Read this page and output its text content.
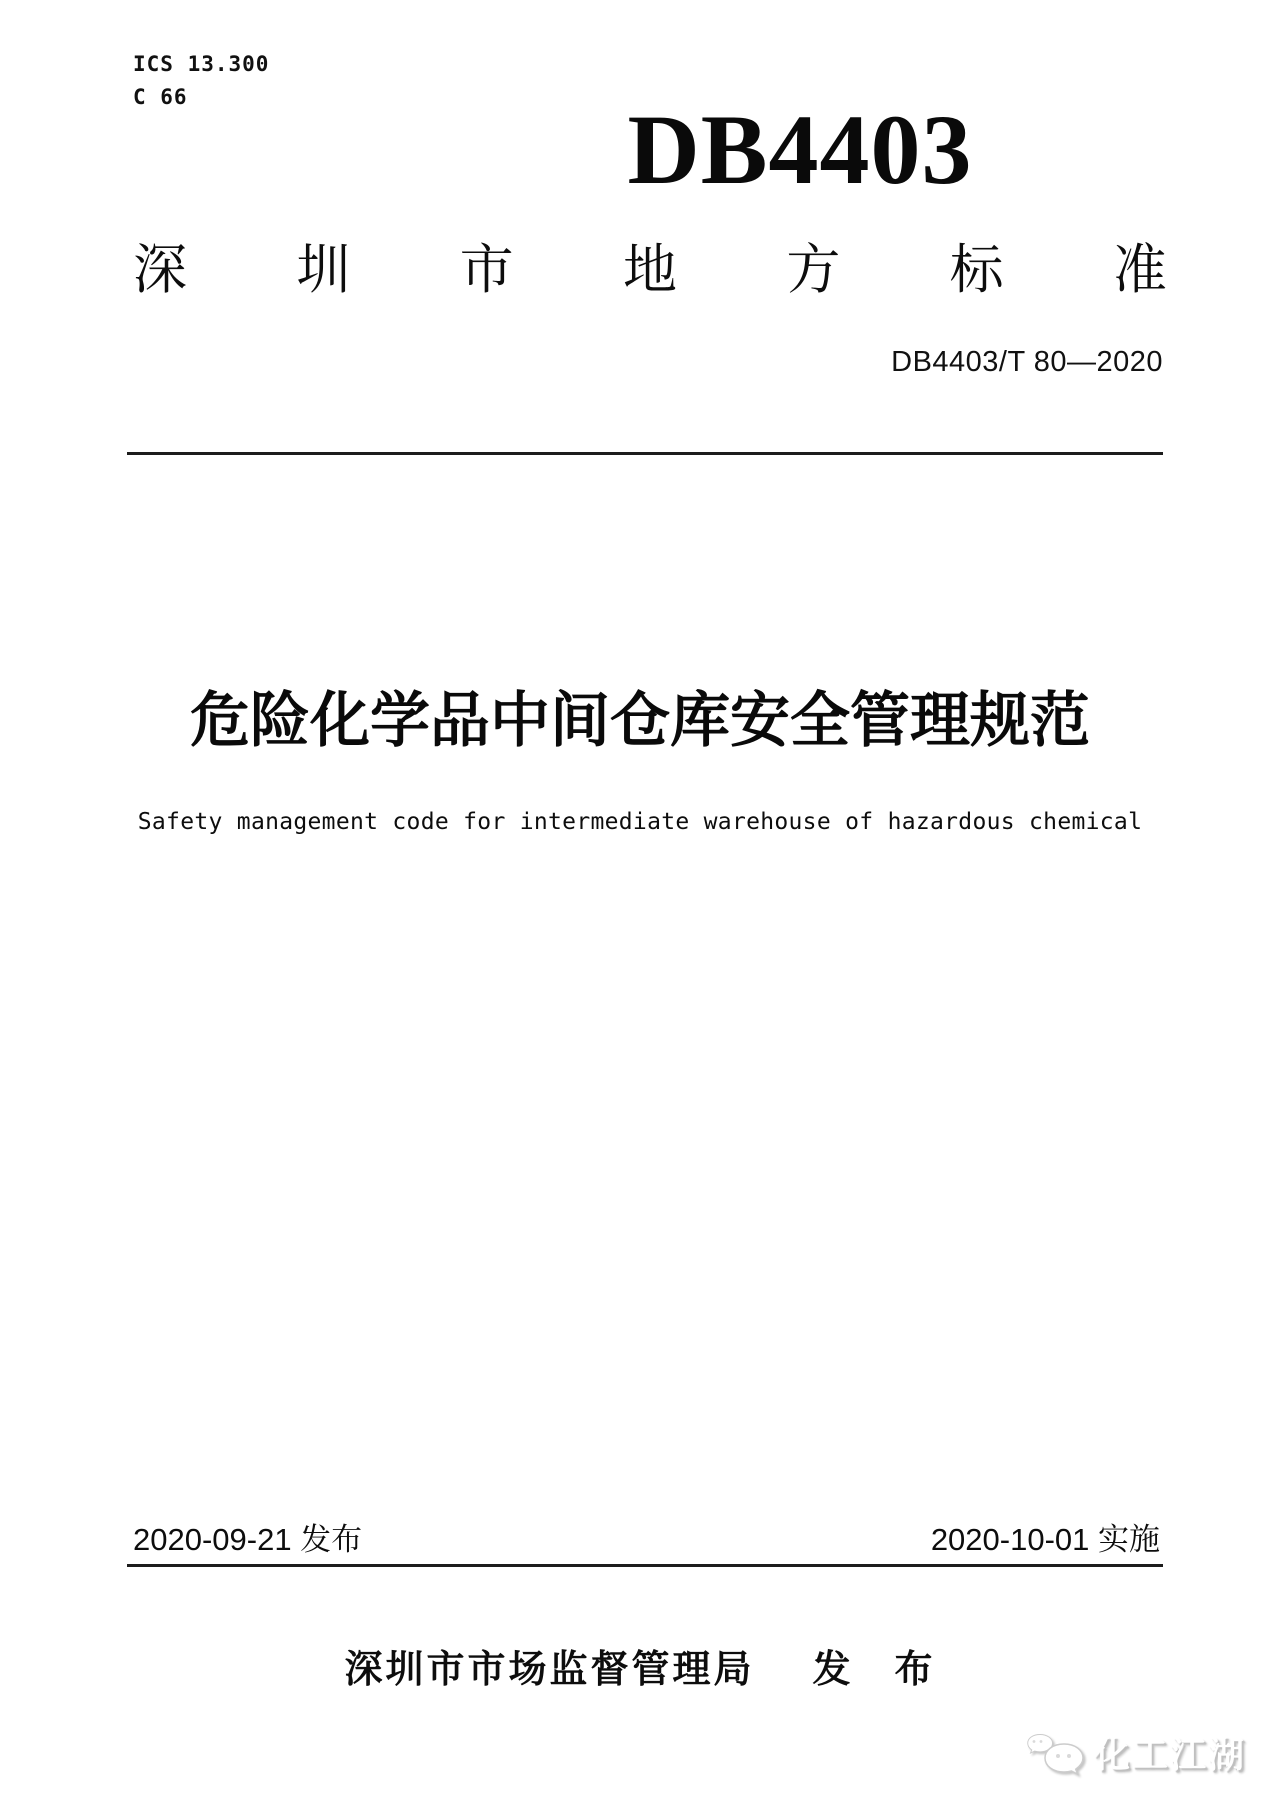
ICS 13.300
C 66	DB4403
深 圳 市 地 方 标 准
DB4403/T 80—2020
危险化学品中间仓库安全管理规范
Safety management code for intermediate warehouse of hazardous chemical
2020-09-21 发布	2020-10-01 实施
深圳市市场监督管理局 发　布
化工江湖
